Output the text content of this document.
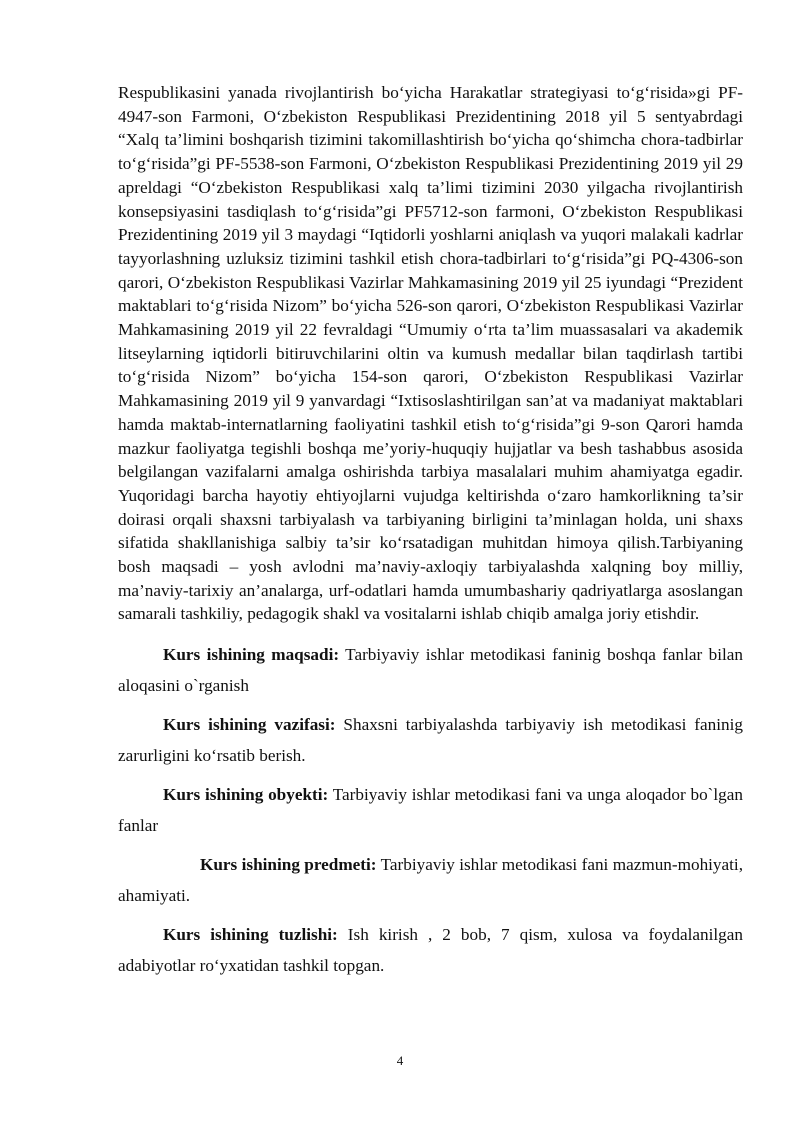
Respublikasini yanada rivojlantirish bo‘yicha Harakatlar strategiyasi to‘g‘risida»gi PF-4947-son Farmoni, O‘zbekiston Respublikasi Prezidentining 2018 yil 5 sentyabrdagi “Xalq ta’limini boshqarish tizimini takomillashtirish bo‘yicha qo‘shimcha chora-tadbirlar to‘g‘risida”gi PF-5538-son Farmoni, O‘zbekiston Respublikasi Prezidentining 2019 yil 29 apreldagi “O‘zbekiston Respublikasi xalq ta’limi tizimini 2030 yilgacha rivojlantirish konsepsiyasini tasdiqlash to‘g‘risida”gi PF5712-son farmoni, O‘zbekiston Respublikasi Prezidentining 2019 yil 3 maydagi “Iqtidorli yoshlarni aniqlash va yuqori malakali kadrlar tayyorlashning uzluksiz tizimini tashkil etish chora-tadbirlari to‘g‘risida”gi PQ-4306-son qarori, O‘zbekiston Respublikasi Vazirlar Mahkamasining 2019 yil 25 iyundagi “Prezident maktablari to‘g‘risida Nizom” bo‘yicha 526-son qarori, O‘zbekiston Respublikasi Vazirlar Mahkamasining 2019 yil 22 fevraldagi “Umumiy o‘rta ta’lim muassasalari va akademik litseylarning iqtidorli bitiruvchilarini oltin va kumush medallar bilan taqdirlash tartibi to‘g‘risida Nizom” bo‘yicha 154-son qarori, O‘zbekiston Respublikasi Vazirlar Mahkamasining 2019 yil 9 yanvardagi “Ixtisoslashtirilgan san’at va madaniyat maktablari hamda maktab-internatlarning faoliyatini tashkil etish to‘g‘risida”gi 9-son Qarori hamda mazkur faoliyatga tegishli boshqa me’yoriy-huquqiy hujjatlar va besh tashabbus asosida belgilangan vazifalarni amalga oshirishda tarbiya masalalari muhim ahamiyatga egadir. Yuqoridagi barcha hayotiy ehtiyojlarni vujudga keltirishda o‘zaro hamkorlikning ta’sir doirasi orqali shaxsni tarbiyalash va tarbiyaning birligini ta’minlagan holda, uni shaxs sifatida shakllanishiga salbiy ta’sir ko‘rsatadigan muhitdan himoya qilish.Tarbiyaning bosh maqsadi – yosh avlodni ma’naviy-axloqiy tarbiyalashda xalqning boy milliy, ma’naviy-tarixiy an’analarga, urf-odatlari hamda umumbashariy qadriyatlarga asoslangan samarali tashkiliy, pedagogik shakl va vositalarni ishlab chiqib amalga joriy etishdir.

Kurs ishining maqsadi: Tarbiyaviy ishlar metodikasi faninig boshqa fanlar bilan aloqasini o`rganish

Kurs ishining vazifasi: Shaxsni tarbiyalashda tarbiyaviy ish metodikasi faninig zarurligini ko‘rsatib berish.

Kurs ishining obyekti: Tarbiyaviy ishlar metodikasi fani va unga aloqador bo`lgan fanlar

Kurs ishining predmeti: Tarbiyaviy ishlar metodikasi fani mazmun-mohiyati, ahamiyati.

Kurs ishining tuzlishi: Ish kirish , 2 bob, 7 qism, xulosa va foydalanilgan adabiyotlar ro‘yxatidan tashkil topgan.

4
